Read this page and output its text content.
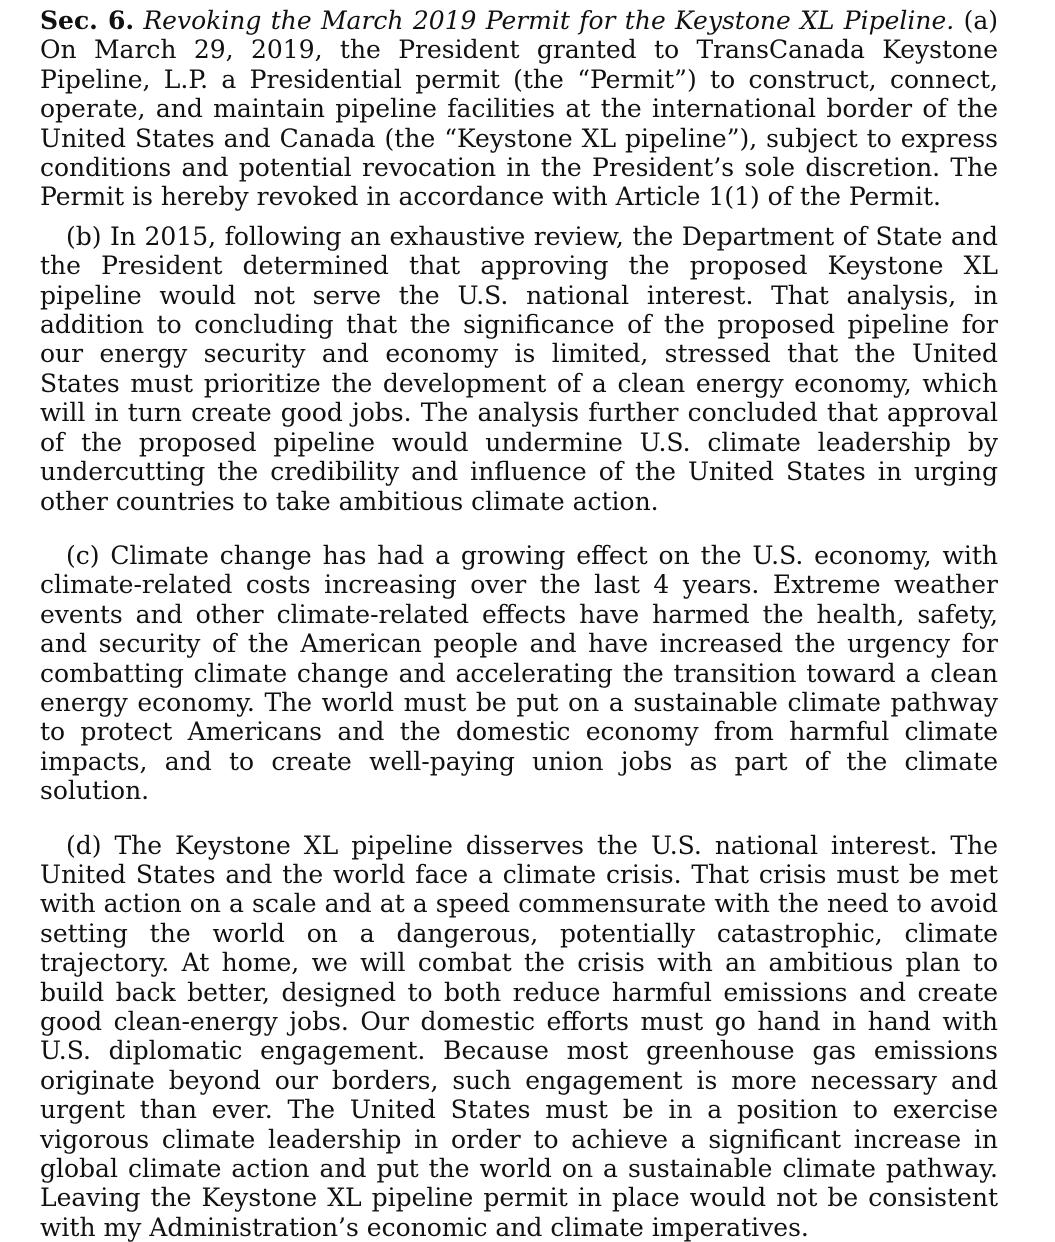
Sec. 6. Revoking the March 2019 Permit for the Keystone XL Pipeline. (a) On March 29, 2019, the President granted to TransCanada Keystone Pipeline, L.P. a Presidential permit (the “Permit”) to construct, connect, operate, and maintain pipeline facilities at the international border of the United States and Canada (the “Keystone XL pipeline”), subject to express conditions and potential revocation in the President’s sole discretion. The Permit is hereby revoked in accordance with Article 1(1) of the Permit.

(b) In 2015, following an exhaustive review, the Department of State and the President determined that approving the proposed Keystone XL pipeline would not serve the U.S. national interest. That analysis, in addition to concluding that the significance of the proposed pipeline for our energy security and economy is limited, stressed that the United States must prioritize the development of a clean energy economy, which will in turn create good jobs. The analysis further concluded that approval of the proposed pipeline would undermine U.S. climate leadership by undercutting the credibility and influence of the United States in urging other countries to take ambitious climate action.

(c) Climate change has had a growing effect on the U.S. economy, with climate-related costs increasing over the last 4 years. Extreme weather events and other climate-related effects have harmed the health, safety, and security of the American people and have increased the urgency for combatting climate change and accelerating the transition toward a clean energy economy. The world must be put on a sustainable climate pathway to protect Americans and the domestic economy from harmful climate impacts, and to create well-paying union jobs as part of the climate solution.

(d) The Keystone XL pipeline disserves the U.S. national interest. The United States and the world face a climate crisis. That crisis must be met with action on a scale and at a speed commensurate with the need to avoid setting the world on a dangerous, potentially catastrophic, climate trajectory. At home, we will combat the crisis with an ambitious plan to build back better, designed to both reduce harmful emissions and create good clean-energy jobs. Our domestic efforts must go hand in hand with U.S. diplomatic engagement. Because most greenhouse gas emissions originate beyond our borders, such engagement is more necessary and urgent than ever. The United States must be in a position to exercise vigorous climate leadership in order to achieve a significant increase in global climate action and put the world on a sustainable climate pathway. Leaving the Keystone XL pipeline permit in place would not be consistent with my Administration’s economic and climate imperatives.
